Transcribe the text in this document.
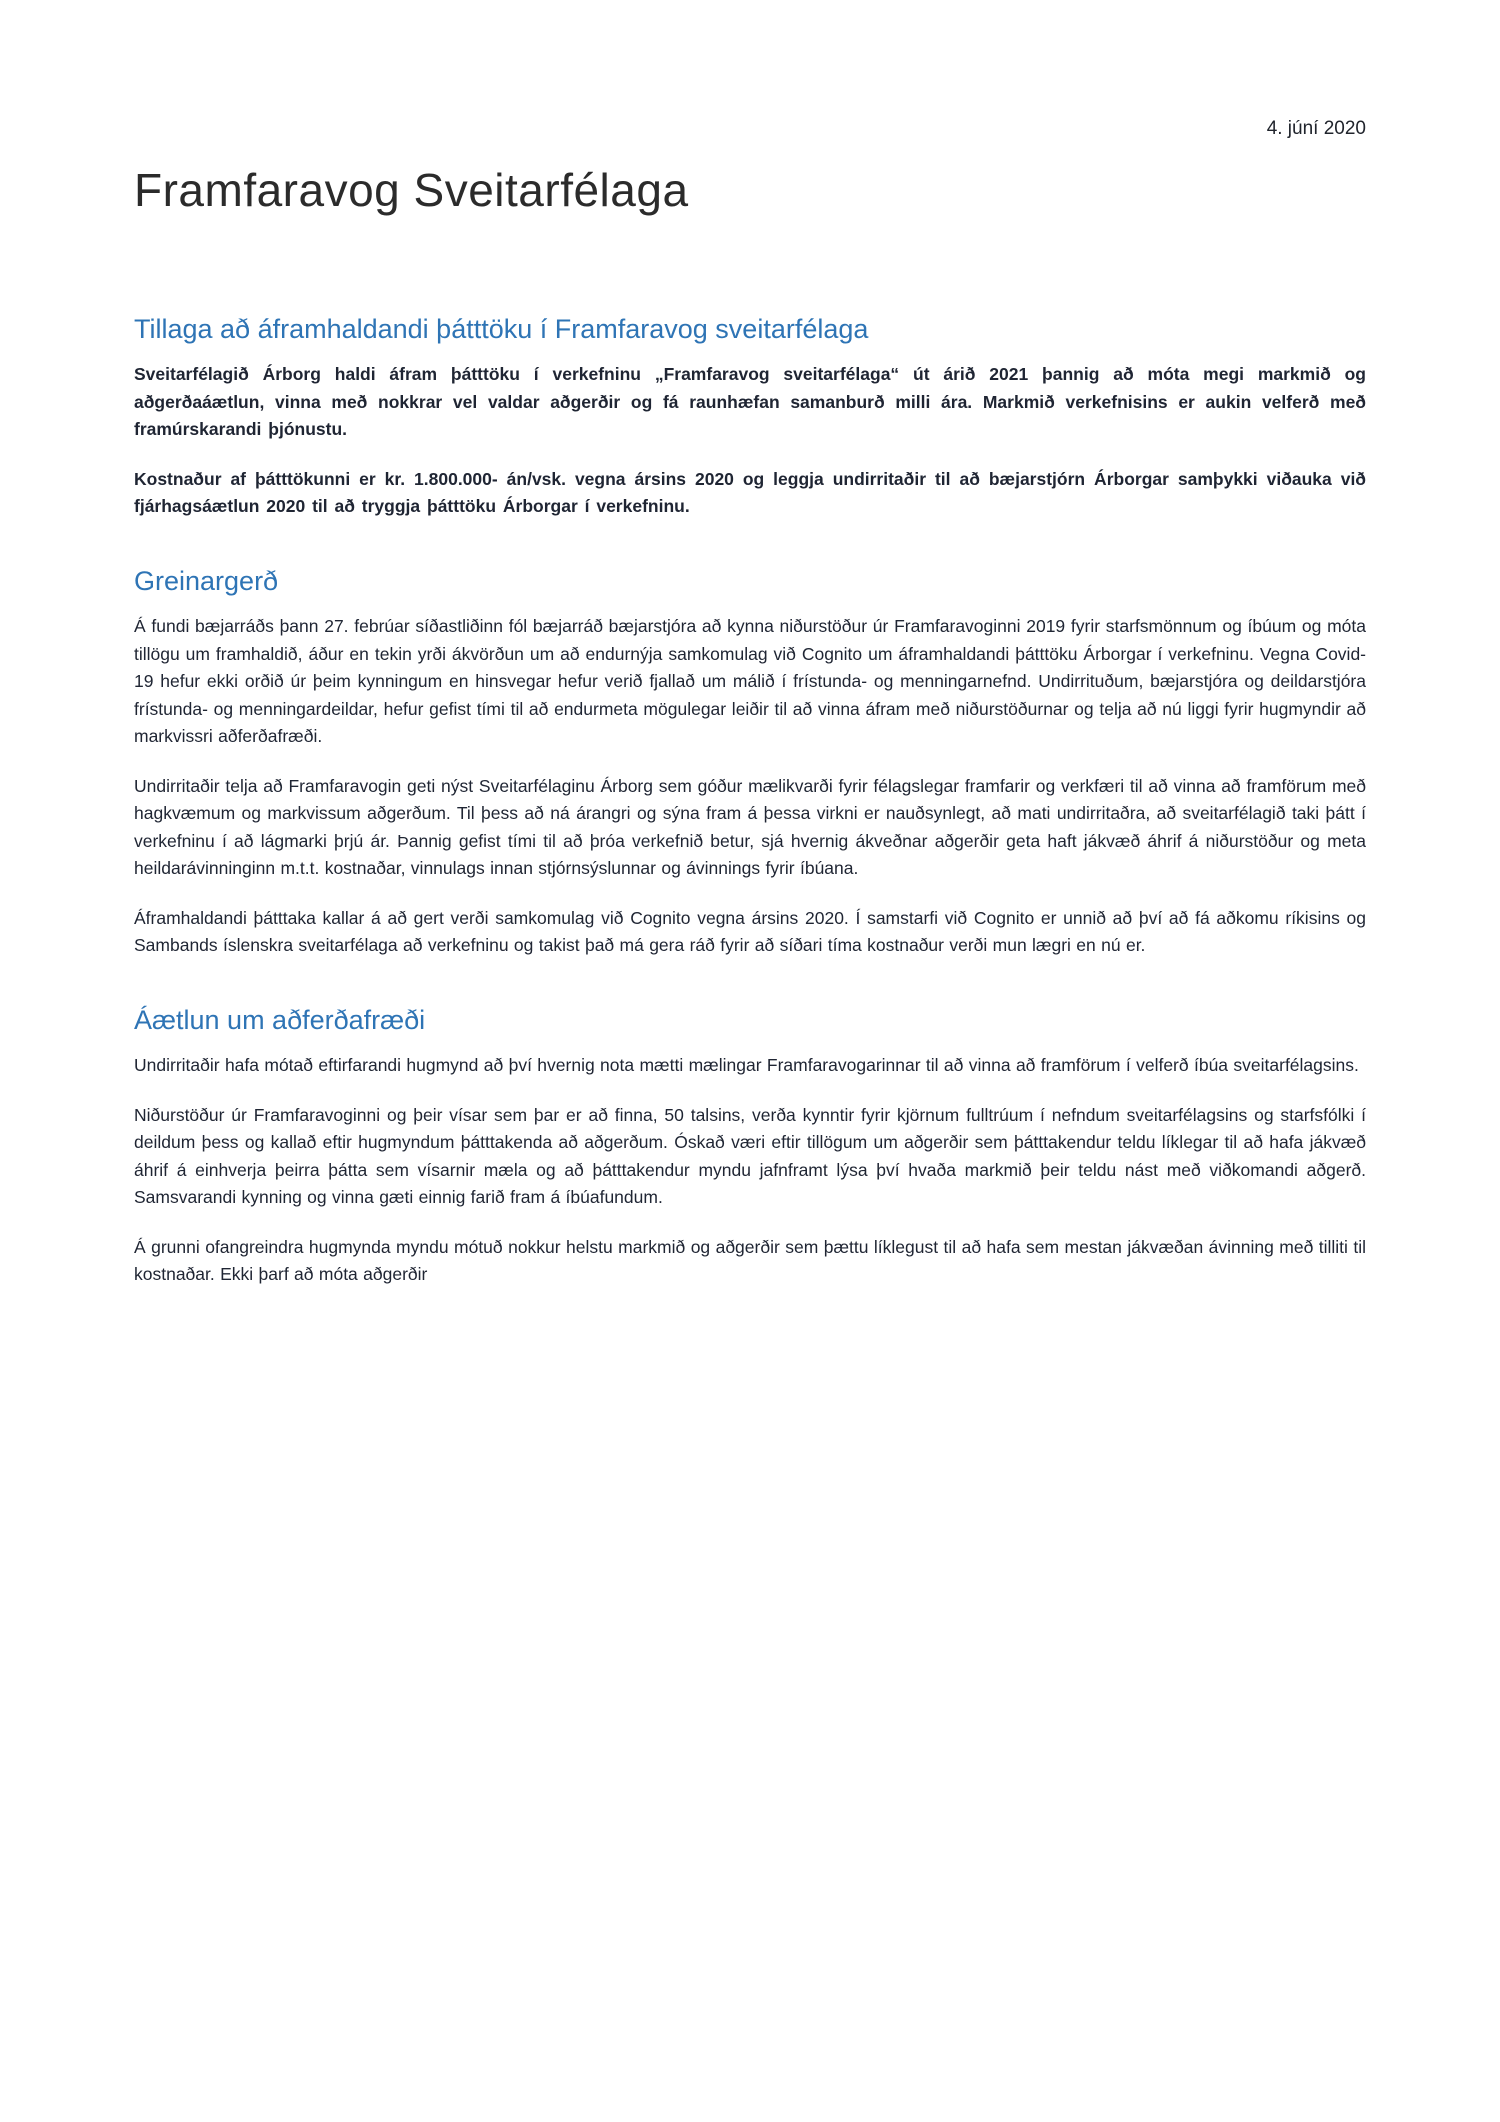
4. júní 2020
Framfaravog Sveitarfélaga
Tillaga að áframhaldandi þátttöku í Framfaravog sveitarfélaga

Sveitarfélagið Árborg haldi áfram þátttöku í verkefninu „Framfaravog sveitarfélaga“ út árið 2021 þannig að móta megi markmið og aðgerðaáætlun, vinna með nokkrar vel valdar aðgerðir og fá raunhæfan samanburð milli ára. Markmið verkefnisins er aukin velferð með framúrskarandi þjónustu.

Kostnaður af þátttökunni er kr. 1.800.000- án/vsk. vegna ársins 2020 og leggja undirritaðir til að bæjarstjórn Árborgar samþykki viðauka við fjárhagsáætlun 2020 til að tryggja þátttöku Árborgar í verkefninu.

Greinargerð

Á fundi bæjarráðs þann 27. febrúar síðastliðinn fól bæjarráð bæjarstjóra að kynna niðurstöður úr Framfaravoginni 2019 fyrir starfsmönnum og íbúum og móta tillögu um framhaldið, áður en tekin yrði ákvörðun um að endurnýja samkomulag við Cognito um áframhaldandi þátttöku Árborgar í verkefninu. Vegna Covid-19 hefur ekki orðið úr þeim kynningum en hinsvegar hefur verið fjallað um málið í frístunda- og menningarnefnd. Undirrituðum, bæjarstjóra og deildarstjóra frístunda- og menningardeildar, hefur gefist tími til að endurmeta mögulegar leiðir til að vinna áfram með niðurstöðurnar og telja að nú liggi fyrir hugmyndir að markvissri aðferðafræði.

Undirritaðir telja að Framfaravogin geti nýst Sveitarfélaginu Árborg sem góður mælikvarði fyrir félagslegar framfarir og verkfæri til að vinna að framförum með hagkvæmum og markvissum aðgerðum. Til þess að ná árangri og sýna fram á þessa virkni er nauðsynlegt, að mati undirritaðra, að sveitarfélagið taki þátt í verkefninu í að lágmarki þrjú ár. Þannig gefist tími til að þróa verkefnið betur, sjá hvernig ákveðnar aðgerðir geta haft jákvæð áhrif á niðurstöður og meta heildarávinninginn m.t.t. kostnaðar, vinnulags innan stjórnsýslunnar og ávinnings fyrir íbúana.

Áframhaldandi þátttaka kallar á að gert verði samkomulag við Cognito vegna ársins 2020. Í samstarfi við Cognito er unnið að því að fá aðkomu ríkisins og Sambands íslenskra sveitarfélaga að verkefninu og takist það má gera ráð fyrir að síðari tíma kostnaður verði mun lægri en nú er.

Áætlun um aðferðafræði

Undirritaðir hafa mótað eftirfarandi hugmynd að því hvernig nota mætti mælingar Framfaravogarinnar til að vinna að framförum í velferð íbúa sveitarfélagsins.

Niðurstöður úr Framfaravoginni og þeir vísar sem þar er að finna, 50 talsins, verða kynntir fyrir kjörnum fulltrúum í nefndum sveitarfélagsins og starfsfólki í deildum þess og kallað eftir hugmyndum þátttakenda að aðgerðum. Óskað væri eftir tillögum um aðgerðir sem þátttakendur teldu líklegar til að hafa jákvæð áhrif á einhverja þeirra þátta sem vísarnir mæla og að þátttakendur myndu jafnframt lýsa því hvaða markmið þeir teldu nást með viðkomandi aðgerð. Samsvarandi kynning og vinna gæti einnig farið fram á íbúafundum.

Á grunni ofangreindra hugmynda myndu mótuð nokkur helstu markmið og aðgerðir sem þættu líklegust til að hafa sem mestan jákvæðan ávinning með tilliti til kostnaðar. Ekki þarf að móta aðgerðir
